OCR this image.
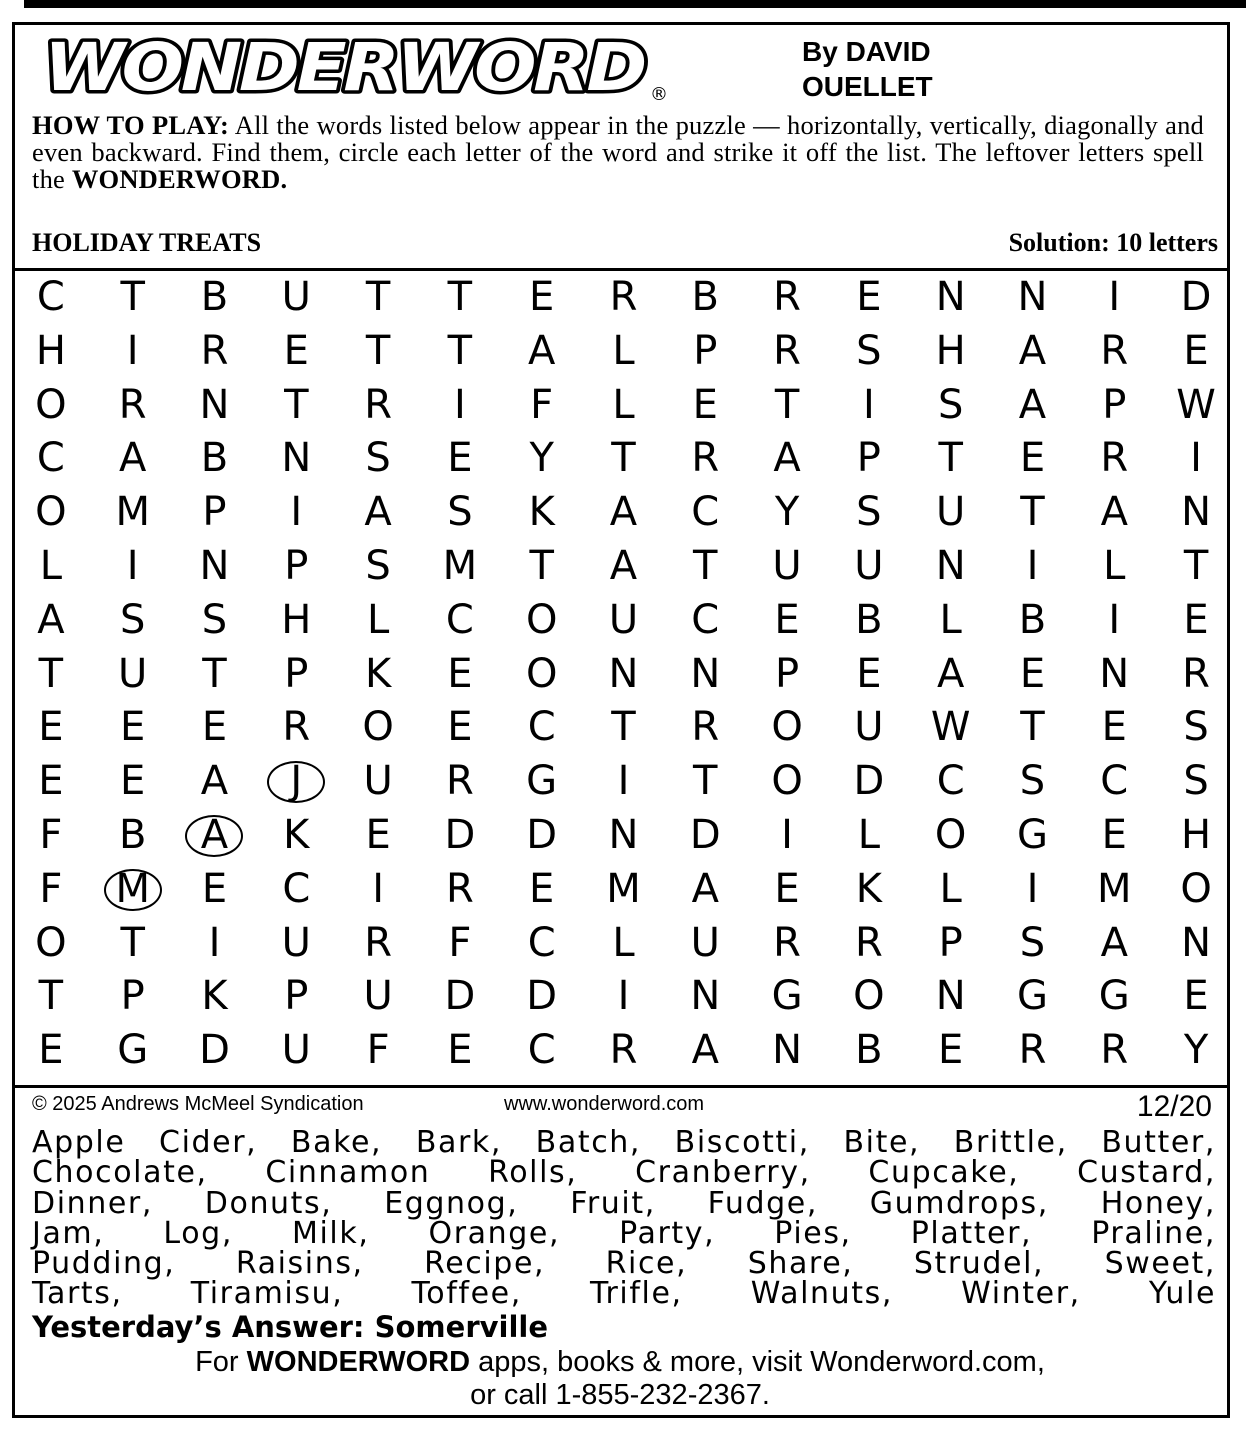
WONDERWORD ®
By DAVID
OUELLET
HOW TO PLAY: All the words listed below appear in the puzzle — horizontally, vertically, diagonally and even backward. Find them, circle each letter of the word and strike it off the list. The leftover letters spell the WONDERWORD.
HOLIDAY TREATS	Solution: 10 letters
C	T	B	U	T	T	E	R	B	R	E	N	N	I	D
H	I	R	E	T	T	A	L	P	R	S	H	A	R	E
O	R	N	T	R	I	F	L	E	T	I	S	A	P	W
C	A	B	N	S	E	Y	T	R	A	P	T	E	R	I
O	M	P	I	A	S	K	A	C	Y	S	U	T	A	N
L	I	N	P	S	M	T	A	T	U	U	N	I	L	T
A	S	S	H	L	C	O	U	C	E	B	L	B	I	E
T	U	T	P	K	E	O	N	N	P	E	A	E	N	R
E	E	E	R	O	E	C	T	R	O	U	W	T	E	S
E	E	A	J	U	R	G	I	T	O	D	C	S	C	S
F	B	A	K	E	D	D	N	D	I	L	O	G	E	H
F	M	E	C	I	R	E	M	A	E	K	L	I	M	O
O	T	I	U	R	F	C	L	U	R	R	P	S	A	N
T	P	K	P	U	D	D	I	N	G	O	N	G	G	E
E	G	D	U	F	E	C	R	A	N	B	E	R	R	Y
© 2025 Andrews McMeel Syndication	www.wonderword.com	12/20
Apple Cider, Bake, Bark, Batch, Biscotti, Bite, Brittle, Butter,
Chocolate, Cinnamon Rolls, Cranberry, Cupcake, Custard,
Dinner, Donuts, Eggnog, Fruit, Fudge, Gumdrops, Honey,
Jam, Log, Milk, Orange, Party, Pies, Platter, Praline,
Pudding, Raisins, Recipe, Rice, Share, Strudel, Sweet,
Tarts, Tiramisu, Toffee, Trifle, Walnuts, Winter, Yule
Yesterday’s Answer: Somerville
For WONDERWORD apps, books & more, visit Wonderword.com,
or call 1-855-232-2367.
